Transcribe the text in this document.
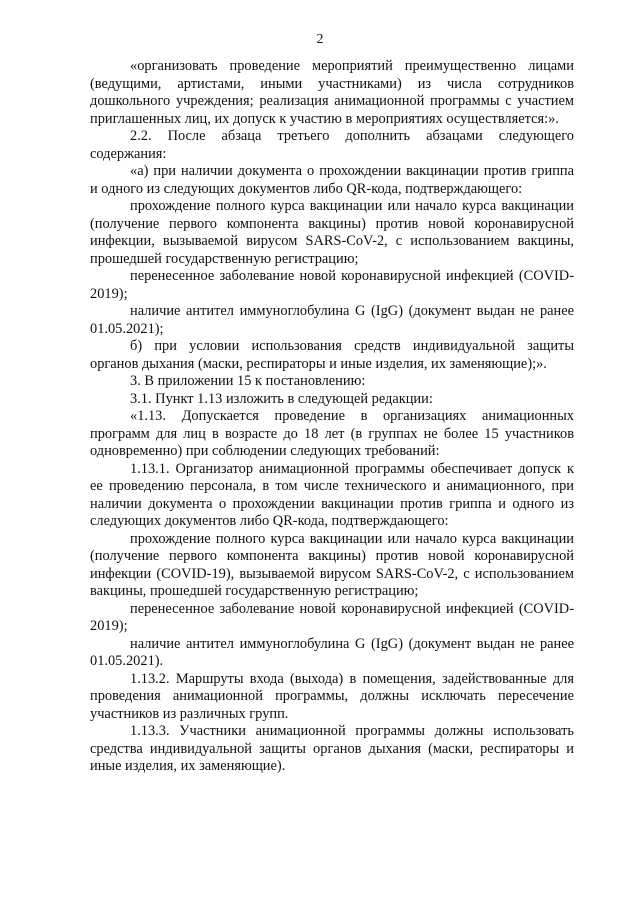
2

«организовать проведение мероприятий преимущественно лицами (ведущими, артистами, иными участниками) из числа сотрудников дошкольного учреждения; реализация анимационной программы с участием приглашенных лиц, их допуск к участию в мероприятиях осуществляется:».

2.2. После абзаца третьего дополнить абзацами следующего содержания:

«а) при наличии документа о прохождении вакцинации против гриппа и одного из следующих документов либо QR-кода, подтверждающего:

прохождение полного курса вакцинации или начало курса вакцинации (получение первого компонента вакцины) против новой коронавирусной инфекции, вызываемой вирусом SARS-CoV-2, с использованием вакцины, прошедшей государственную регистрацию;

перенесенное заболевание новой коронавирусной инфекцией (COVID-2019);

наличие антител иммуноглобулина G (IgG) (документ выдан не ранее 01.05.2021);

б) при условии использования средств индивидуальной защиты органов дыхания (маски, респираторы и иные изделия, их заменяющие);».

3. В приложении 15 к постановлению:

3.1. Пункт 1.13 изложить в следующей редакции:

«1.13. Допускается проведение в организациях анимационных программ для лиц в возрасте до 18 лет (в группах не более 15 участников одновременно) при соблюдении следующих требований:

1.13.1. Организатор анимационной программы обеспечивает допуск к ее проведению персонала, в том числе технического и анимационного, при наличии документа о прохождении вакцинации против гриппа и одного из следующих документов либо QR-кода, подтверждающего:

прохождение полного курса вакцинации или начало курса вакцинации (получение первого компонента вакцины) против новой коронавирусной инфекции (COVID-19), вызываемой вирусом SARS-CoV-2, с использованием вакцины, прошедшей государственную регистрацию;

перенесенное заболевание новой коронавирусной инфекцией (COVID-2019);

наличие антител иммуноглобулина G (IgG) (документ выдан не ранее 01.05.2021).

1.13.2. Маршруты входа (выхода) в помещения, задействованные для проведения анимационной программы, должны исключать пересечение участников из различных групп.

1.13.3. Участники анимационной программы должны использовать средства индивидуальной защиты органов дыхания (маски, респираторы и иные изделия, их заменяющие).
